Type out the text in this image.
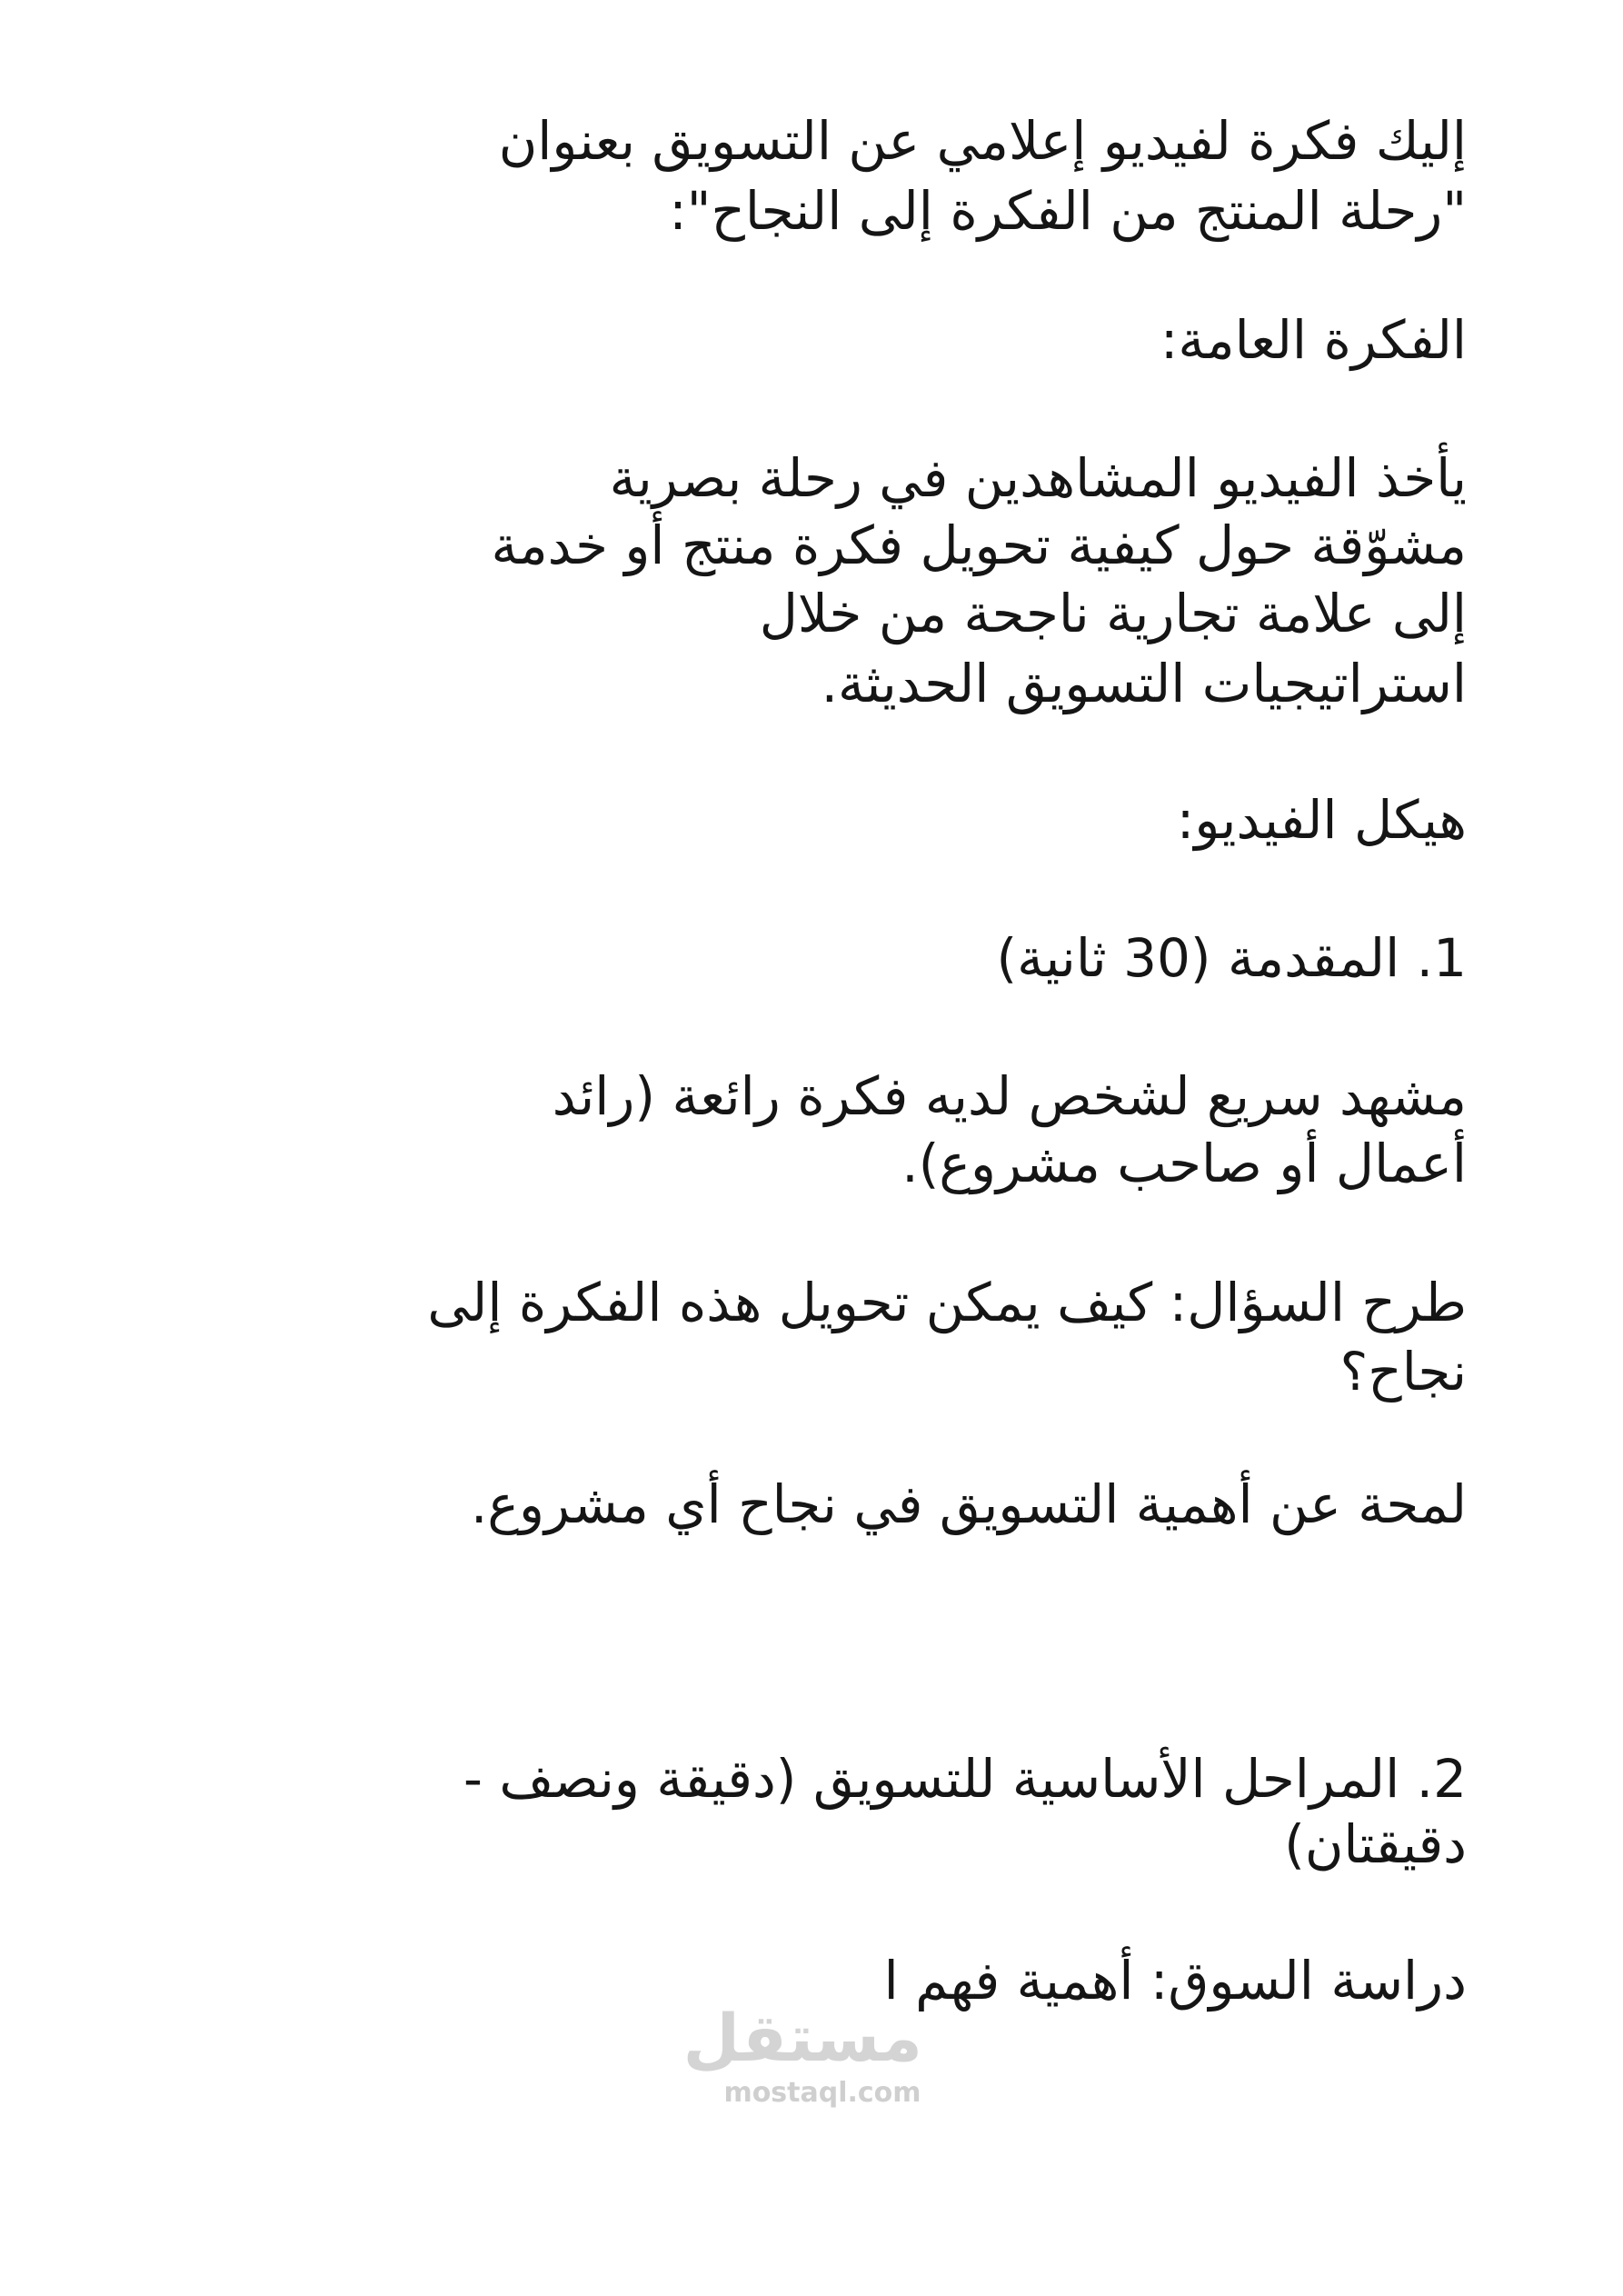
إليك فكرة لفيديو إعلامي عن التسويق بعنوان
"رحلة المنتج من الفكرة إلى النجاح":
الفكرة العامة:
يأخذ الفيديو المشاهدين في رحلة بصرية
مشوّقة حول كيفية تحويل فكرة منتج أو خدمة
إلى علامة تجارية ناجحة من خلال
استراتيجيات التسويق الحديثة.
هيكل الفيديو:
1. المقدمة (30 ثانية)
مشهد سريع لشخص لديه فكرة رائعة (رائد
أعمال أو صاحب مشروع).
طرح السؤال: كيف يمكن تحويل هذه الفكرة إلى
نجاح؟
لمحة عن أهمية التسويق في نجاح أي مشروع.
2. المراحل الأساسية للتسويق (دقيقة ونصف -
دقيقتان)
دراسة السوق: أهمية فهم ا
مستقل
mostaql.com
